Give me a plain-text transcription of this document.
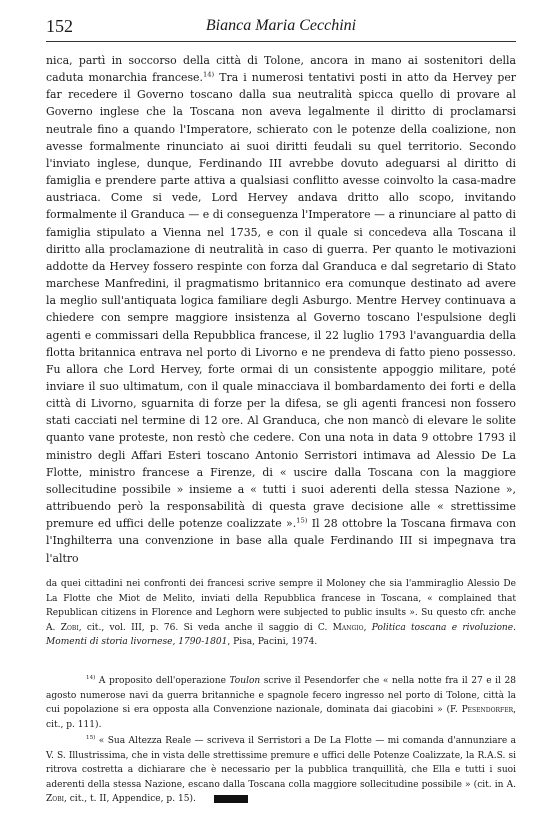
152	Bianca Maria Cecchini

nica, partì in soccorso della città di Tolone, ancora in mano ai sostenitori della caduta monarchia francese.$^{14)}$ Tra i numerosi tentativi posti in atto da Hervey per far recedere il Governo toscano dalla sua neutralità spicca quello di provare al Governo inglese che la Toscana non aveva legalmente il diritto di proclamarsi neutrale fino a quando l'Imperatore, schierato con le potenze della coalizione, non avesse formalmente rinunciato ai suoi diritti feudali su quel territorio. Secondo l'inviato inglese, dunque, Ferdinando III avrebbe dovuto adeguarsi al diritto di famiglia e prendere parte attiva a qualsiasi conflitto avesse coinvolto la casa-madre austriaca. Come si vede, Lord Hervey andava dritto allo scopo, invitando formalmente il Granduca — e di conseguenza l'Imperatore — a rinunciare al patto di famiglia stipulato a Vienna nel 1735, e con il quale si concedeva alla Toscana il diritto alla proclamazione di neutralità in caso di guerra. Per quanto le motivazioni addotte da Hervey fossero respinte con forza dal Granduca e dal segretario di Stato marchese Manfredini, il pragmatismo britannico era comunque destinato ad avere la meglio sull'antiquata logica familiare degli Asburgo. Mentre Hervey continuava a chiedere con sempre maggiore insistenza al Governo toscano l'espulsione degli agenti e commissari della Repubblica francese, il 22 luglio 1793 l'avanguardia della flotta britannica entrava nel porto di Livorno e ne prendeva di fatto pieno possesso. Fu allora che Lord Hervey, forte ormai di un consistente appoggio militare, poté inviare il suo ultimatum, con il quale minacciava il bombardamento dei forti e della città di Livorno, sguarnita di forze per la difesa, se gli agenti francesi non fossero stati cacciati nel termine di 12 ore. Al Granduca, che non mancò di elevare le solite quanto vane proteste, non restò che cedere. Con una nota in data 9 ottobre 1793 il ministro degli Affari Esteri toscano Antonio Serristori intimava ad Alessio De La Flotte, ministro francese a Firenze, di « uscire dalla Toscana con la maggiore sollecitudine possibile » insieme a « tutti i suoi aderenti della stessa Nazione », attribuendo però la responsabilità di questa grave decisione alle « strettissime premure ed uffici delle potenze coalizzate ».$^{15)}$ Il 28 ottobre la Toscana firmava con l'Inghilterra una convenzione in base alla quale Ferdinando III si impegnava tra l'altro

da quei cittadini nei confronti dei francesi scrive sempre il Moloney che sia l'ammiraglio Alessio De La Flotte che Miot de Melito, inviati della Repubblica francese in Toscana, « complained that Republican citizens in Florence and Leghorn were subjected to public insults ». Su questo cfr. anche A. Zobi, cit., vol. III, p. 76. Si veda anche il saggio di C. Mangio, Politica toscana e rivoluzione. Momenti di storia livornese, 1790-1801, Pisa, Pacini, 1974.

$^{14)}$ A proposito dell'operazione Toulon scrive il Pesendorfer che « nella notte fra il 27 e il 28 agosto numerose navi da guerra britanniche e spagnole fecero ingresso nel porto di Tolone, città la cui popolazione si era opposta alla Convenzione nazionale, dominata dai giacobini » (F. Pesendorfer, cit., p. 111).

$^{15)}$ « Sua Altezza Reale — scriveva il Serristori a De La Flotte — mi comanda d'annunziare a V. S. Illustrissima, che in vista delle strettissime premure e uffici delle Potenze Coalizzate, la R.A.S. si ritrova costretta a dichiarare che è necessario per la pubblica tranquillità, che Ella e tutti i suoi aderenti della stessa Nazione, escano dalla Toscana colla maggiore sollecitudine possibile » (cit. in A. Zobi, cit., t. II, Appendice, p. 15).
